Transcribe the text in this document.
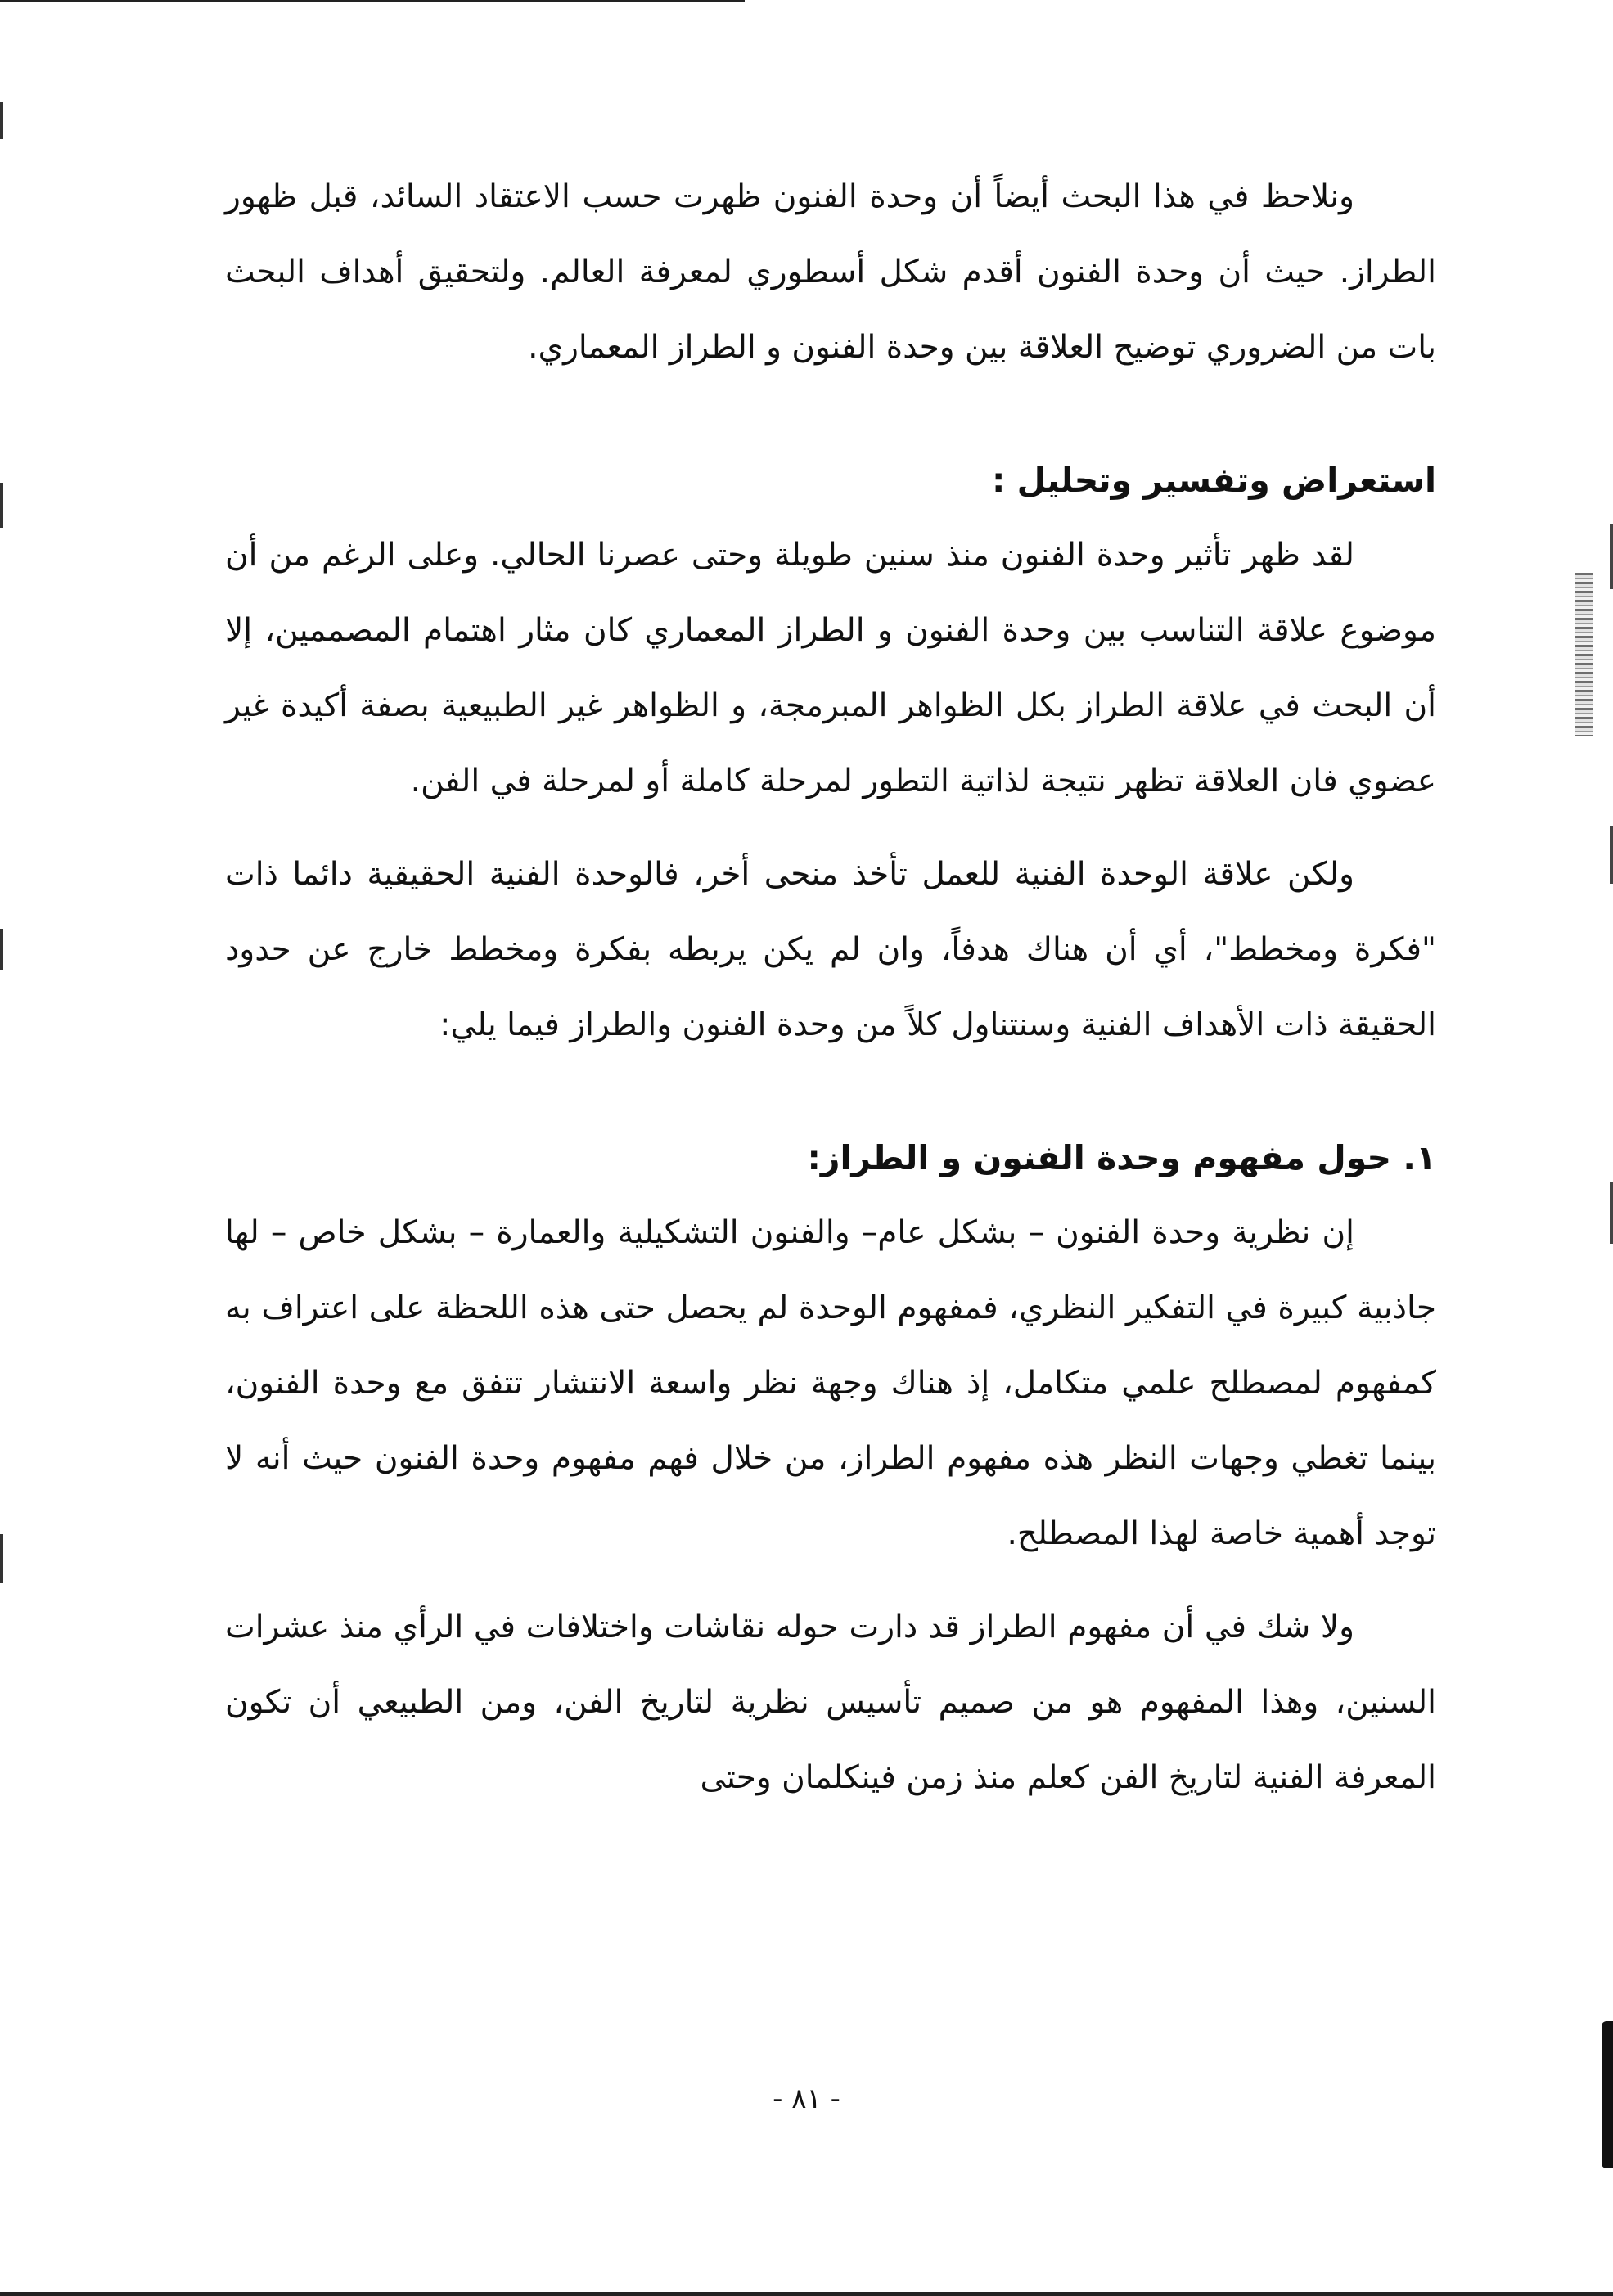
ونلاحظ في هذا البحث أيضاً أن وحدة الفنون ظهرت حسب الاعتقاد السائد، قبل ظهور الطراز. حيث أن وحدة الفنون أقدم شكل أسطوري لمعرفة العالم. ولتحقيق أهداف البحث بات من الضروري توضيح العلاقة بين وحدة الفنون و الطراز المعماري.

استعراض وتفسير وتحليل :

لقد ظهر تأثير وحدة الفنون منذ سنين طويلة وحتى عصرنا الحالي. وعلى الرغم من أن موضوع علاقة التناسب بين وحدة الفنون و الطراز المعماري كان مثار اهتمام المصممين، إلا أن البحث في علاقة الطراز بكل الظواهر المبرمجة، و الظواهر غير الطبيعية بصفة أكيدة غير عضوي فان العلاقة تظهر نتيجة لذاتية التطور لمرحلة كاملة أو لمرحلة في الفن.

ولكن علاقة الوحدة الفنية للعمل تأخذ منحى أخر، فالوحدة الفنية الحقيقية دائما ذات "فكرة ومخطط"، أي أن هناك هدفاً، وان لم يكن يربطه بفكرة ومخطط خارج عن حدود الحقيقة ذات الأهداف الفنية وسنتناول كلاً من وحدة الفنون والطراز فيما يلي:

١. حول مفهوم وحدة الفنون و الطراز:

إن نظرية وحدة الفنون – بشكل عام– والفنون التشكيلية والعمارة – بشكل خاص – لها جاذبية كبيرة في التفكير النظري، فمفهوم الوحدة لم يحصل حتى هذه اللحظة على اعتراف به كمفهوم لمصطلح علمي متكامل، إذ هناك وجهة نظر واسعة الانتشار تتفق مع وحدة الفنون، بينما تغطي وجهات النظر هذه مفهوم الطراز، من خلال فهم مفهوم وحدة الفنون حيث أنه لا توجد أهمية خاصة لهذا المصطلح.

ولا شك في أن مفهوم الطراز قد دارت حوله نقاشات واختلافات في الرأي منذ عشرات السنين، وهذا المفهوم هو من صميم تأسيس نظرية لتاريخ الفن، ومن الطبيعي أن تكون المعرفة الفنية لتاريخ الفن كعلم منذ زمن فينكلمان وحتى

- ٨١ -
